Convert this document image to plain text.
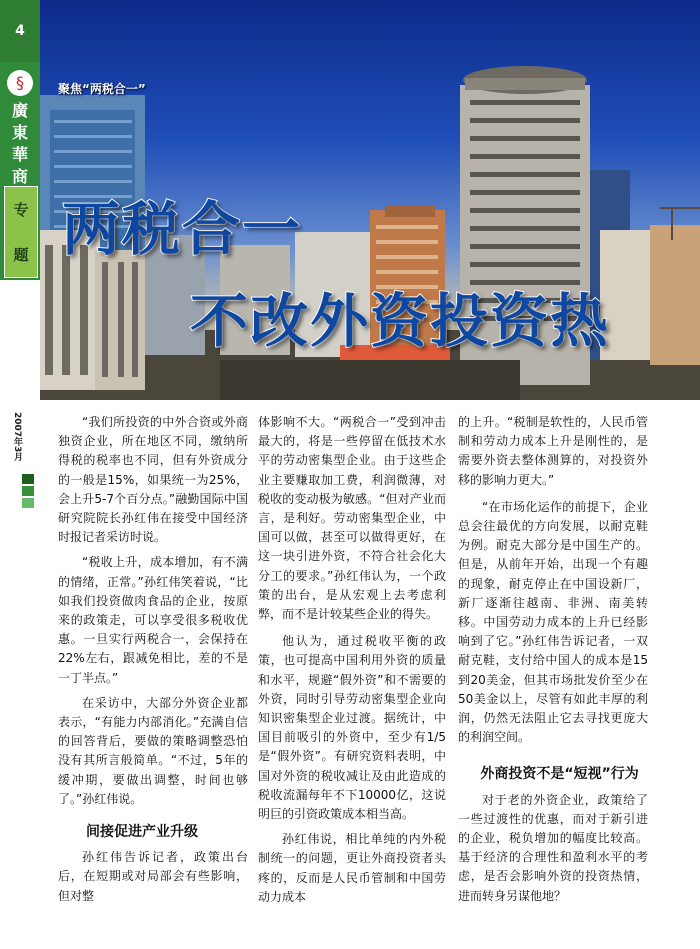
4
§
廣
東
華
商
专
题
聚焦“两税合一”
两税合一
不改外资投资热
2007年3月	“我们所投资的中外合资或外商独资企业，所在地区不同，缴纳所得税的税率也不同，但有外资成分的一般是15%，如果统一为25%，会上升5-7个百分点。”融勤国际中国研究院院长孙红伟在接受中国经济时报记者采访时说。

“税收上升，成本增加，有不满的情绪，正常。”孙红伟笑着说，“比如我们投资做肉食品的企业，按原来的政策走，可以享受很多税收优惠。一旦实行两税合一，会保持在22%左右，跟减免相比，差的不是一丁半点。”

在采访中，大部分外资企业都表示，“有能力内部消化。”充满自信的回答背后，要做的策略调整恐怕没有其所言般简单。“不过，5年的缓冲期，要做出调整，时间也够了。”孙红伟说。

间接促进产业升级

孙红伟告诉记者，政策出台后，在短期或对局部会有些影响，但对整

体影响不大。“两税合一”受到冲击最大的，将是一些停留在低技术水平的劳动密集型企业。由于这些企业主要赚取加工费，利润微薄，对税收的变动极为敏感。“但对产业而言，是利好。劳动密集型企业，中国可以做，甚至可以做得更好，在这一块引进外资，不符合社会化大分工的要求。”孙红伟认为，一个政策的出台，是从宏观上去考虑利弊，而不是计较某些企业的得失。

他认为，通过税收平衡的政策，也可提高中国利用外资的质量和水平，规避“假外资”和不需要的外资，同时引导劳动密集型企业向知识密集型企业过渡。据统计，中国目前吸引的外资中，至少有1/5是“假外资”。有研究资料表明，中国对外资的税收减让及由此造成的税收流漏每年不下10000亿，这说明巨的引资政策成本相当高。

孙红伟说，相比单纯的内外税制统一的问题，更让外商投资者头疼的，反而是人民币管制和中国劳动力成本

的上升。“税制是软性的，人民币管制和劳动力成本上升是刚性的，是需要外资去整体测算的，对投资外移的影响力更大。”

“在市场化运作的前提下，企业总会往最优的方向发展，以耐克鞋为例。耐克大部分是中国生产的。但是，从前年开始，出现一个有趣的现象，耐克停止在中国设新厂，新厂逐渐往越南、非洲、南美转移。中国劳动力成本的上升已经影响到了它。”孙红伟告诉记者，一双耐克鞋，支付给中国人的成本是15到20美金，但其市场批发价至少在50美金以上，尽管有如此丰厚的利润，仍然无法阻止它去寻找更庞大的利润空间。

外商投资不是“短视”行为

对于老的外资企业，政策给了一些过渡性的优惠，而对于新引进的企业，税负增加的幅度比较高。基于经济的合理性和盈利水平的考虑，是否会影响外资的投资热情，进而转身另谋他地？
